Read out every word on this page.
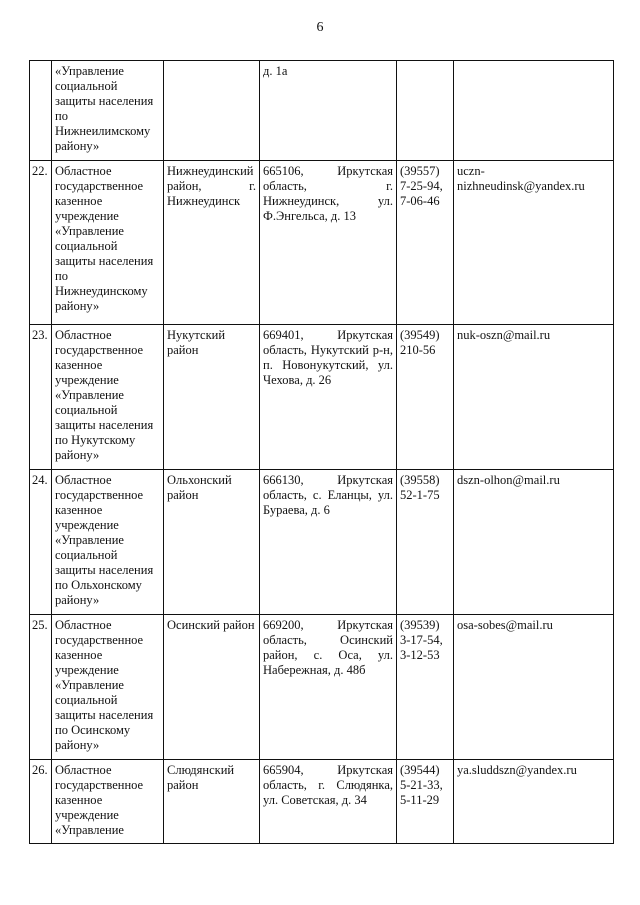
6
	«Управление социальной защиты населения по Нижнеилимскому району»		д. 1а		
22.	Областное государственное казенное учреждение «Управление социальной защиты населения по Нижнеудинскому району»	Нижнеудинский район, г. Нижнеудинск	665106, Иркутская область, г. Нижнеудинск, ул. Ф.Энгельса, д. 13	(39557) 7-25-94, 7-06-46	uczn-nizhneudinsk@yandex.ru
23.	Областное государственное казенное учреждение «Управление социальной защиты населения по Нукутскому району»	Нукутский район	669401, Иркутская область, Нукутский р-н, п. Новонукутский, ул. Чехова, д. 26	(39549) 210-56	nuk-oszn@mail.ru
24.	Областное государственное казенное учреждение «Управление социальной защиты населения по Ольхонскому району»	Ольхонский район	666130, Иркутская область, с. Еланцы, ул. Бураева, д. 6	(39558) 52-1-75	dszn-olhon@mail.ru
25.	Областное государственное казенное учреждение «Управление социальной защиты населения по Осинскому району»	Осинский район	669200, Иркутская область, Осинский район, с. Оса, ул. Набережная, д. 48б	(39539) 3-17-54, 3-12-53	osa-sobes@mail.ru
26.	Областное государственное казенное учреждение «Управление	Слюдянский район	665904, Иркутская область, г. Слюдянка, ул. Советская, д. 34	(39544) 5-21-33, 5-11-29	ya.sluddszn@yandex.ru
